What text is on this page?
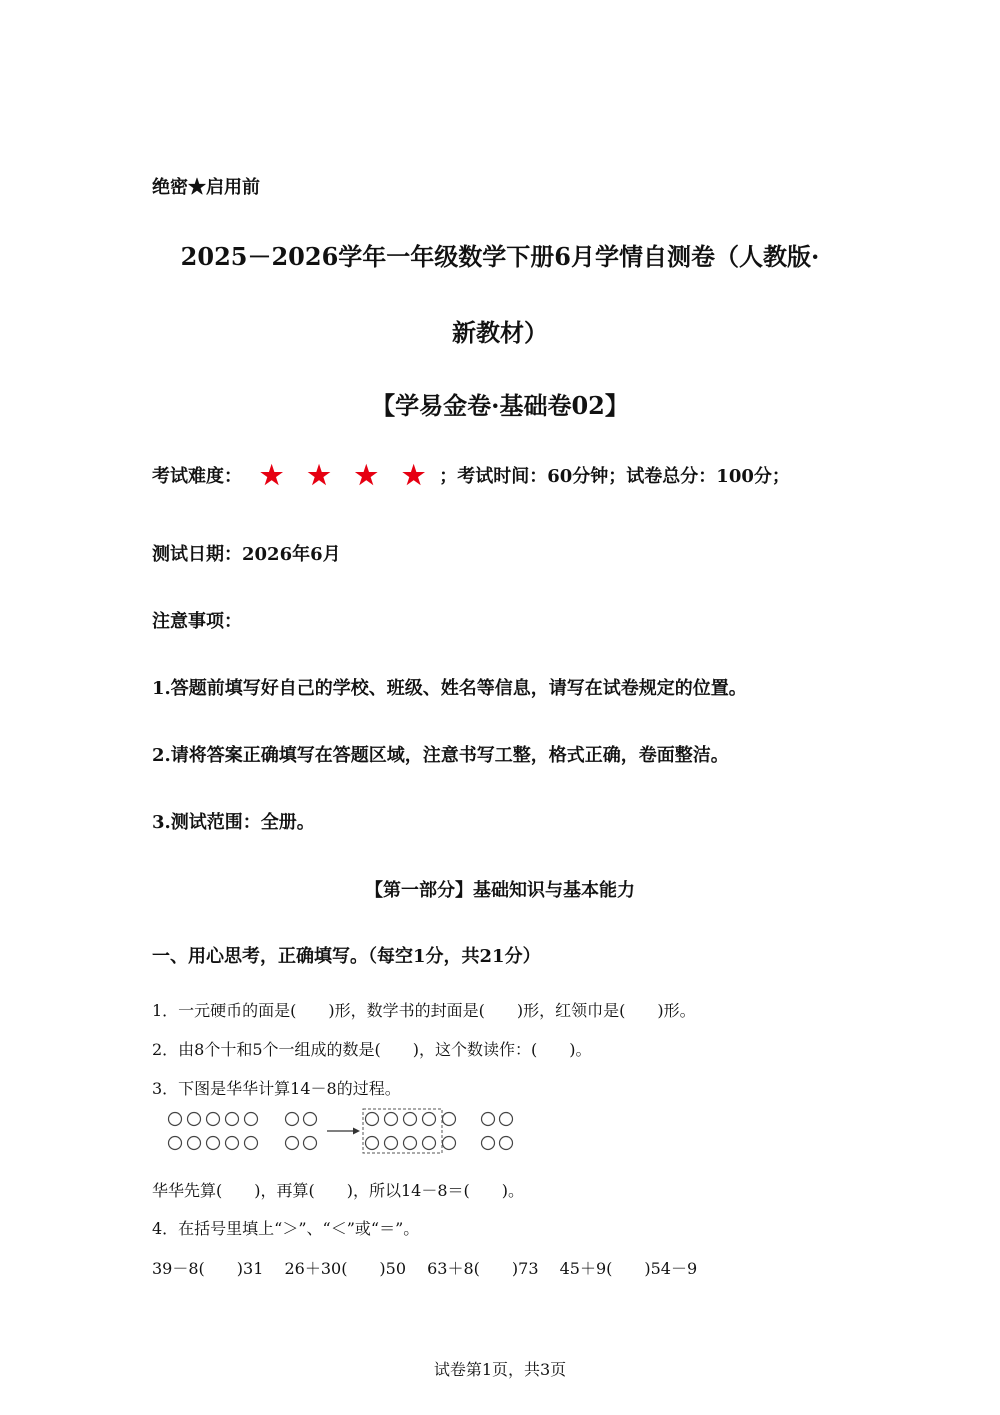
绝密★启用前
2025－2026学年一年级数学下册6月学情自测卷（人教版·
新教材）
【学易金卷·基础卷02】
考试难度： ★ ★ ★ ★ ；考试时间：60分钟；试卷总分：100分；
测试日期：2026年6月
注意事项：
1.答题前填写好自己的学校、班级、姓名等信息，请写在试卷规定的位置。
2.请将答案正确填写在答题区域，注意书写工整，格式正确，卷面整洁。
3.测试范围：全册。
【第一部分】基础知识与基本能力
一、用心思考，正确填写。（每空1分，共21分）
1．一元硬币的面是(　　)形，数学书的封面是(　　)形，红领巾是(　　)形。
2．由8个十和5个一组成的数是(　　)，这个数读作：(　　)。
3．下图是华华计算14－8的过程。
华华先算(　　)，再算(　　)，所以14－8＝(　　)。
4．在括号里填上“＞”、“＜”或“＝”。
39－8(　　)31　 26＋30(　　)50　 63＋8(　　)73　 45＋9(　　)54－9
试卷第1页，共3页
